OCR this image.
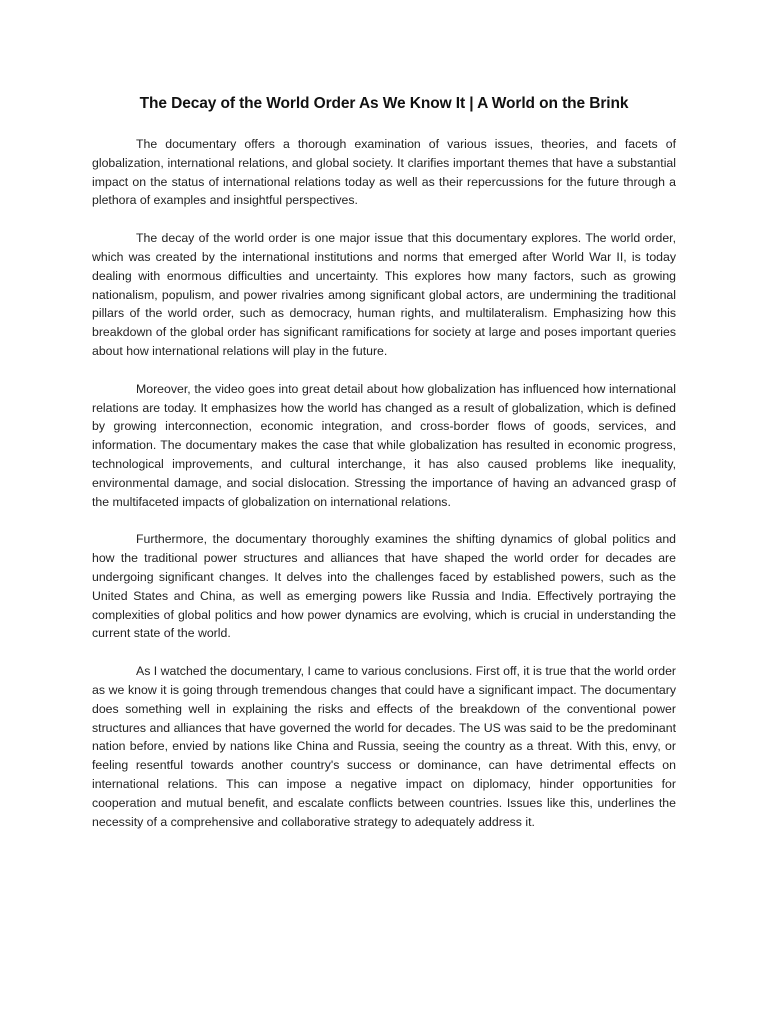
The Decay of the World Order As We Know It | A World on the Brink

The documentary offers a thorough examination of various issues, theories, and facets of globalization, international relations, and global society. It clarifies important themes that have a substantial impact on the status of international relations today as well as their repercussions for the future through a plethora of examples and insightful perspectives.

The decay of the world order is one major issue that this documentary explores. The world order, which was created by the international institutions and norms that emerged after World War II, is today dealing with enormous difficulties and uncertainty. This explores how many factors, such as growing nationalism, populism, and power rivalries among significant global actors, are undermining the traditional pillars of the world order, such as democracy, human rights, and multilateralism. Emphasizing how this breakdown of the global order has significant ramifications for society at large and poses important queries about how international relations will play in the future.

Moreover, the video goes into great detail about how globalization has influenced how international relations are today. It emphasizes how the world has changed as a result of globalization, which is defined by growing interconnection, economic integration, and cross-border flows of goods, services, and information. The documentary makes the case that while globalization has resulted in economic progress, technological improvements, and cultural interchange, it has also caused problems like inequality, environmental damage, and social dislocation. Stressing the importance of having an advanced grasp of the multifaceted impacts of globalization on international relations.

Furthermore, the documentary thoroughly examines the shifting dynamics of global politics and how the traditional power structures and alliances that have shaped the world order for decades are undergoing significant changes. It delves into the challenges faced by established powers, such as the United States and China, as well as emerging powers like Russia and India. Effectively portraying the complexities of global politics and how power dynamics are evolving, which is crucial in understanding the current state of the world.

As I watched the documentary, I came to various conclusions. First off, it is true that the world order as we know it is going through tremendous changes that could have a significant impact. The documentary does something well in explaining the risks and effects of the breakdown of the conventional power structures and alliances that have governed the world for decades. The US was said to be the predominant nation before, envied by nations like China and Russia, seeing the country as a threat. With this, envy, or feeling resentful towards another country's success or dominance, can have detrimental effects on international relations. This can impose a negative impact on diplomacy, hinder opportunities for cooperation and mutual benefit, and escalate conflicts between countries. Issues like this, underlines the necessity of a comprehensive and collaborative strategy to adequately address it.
